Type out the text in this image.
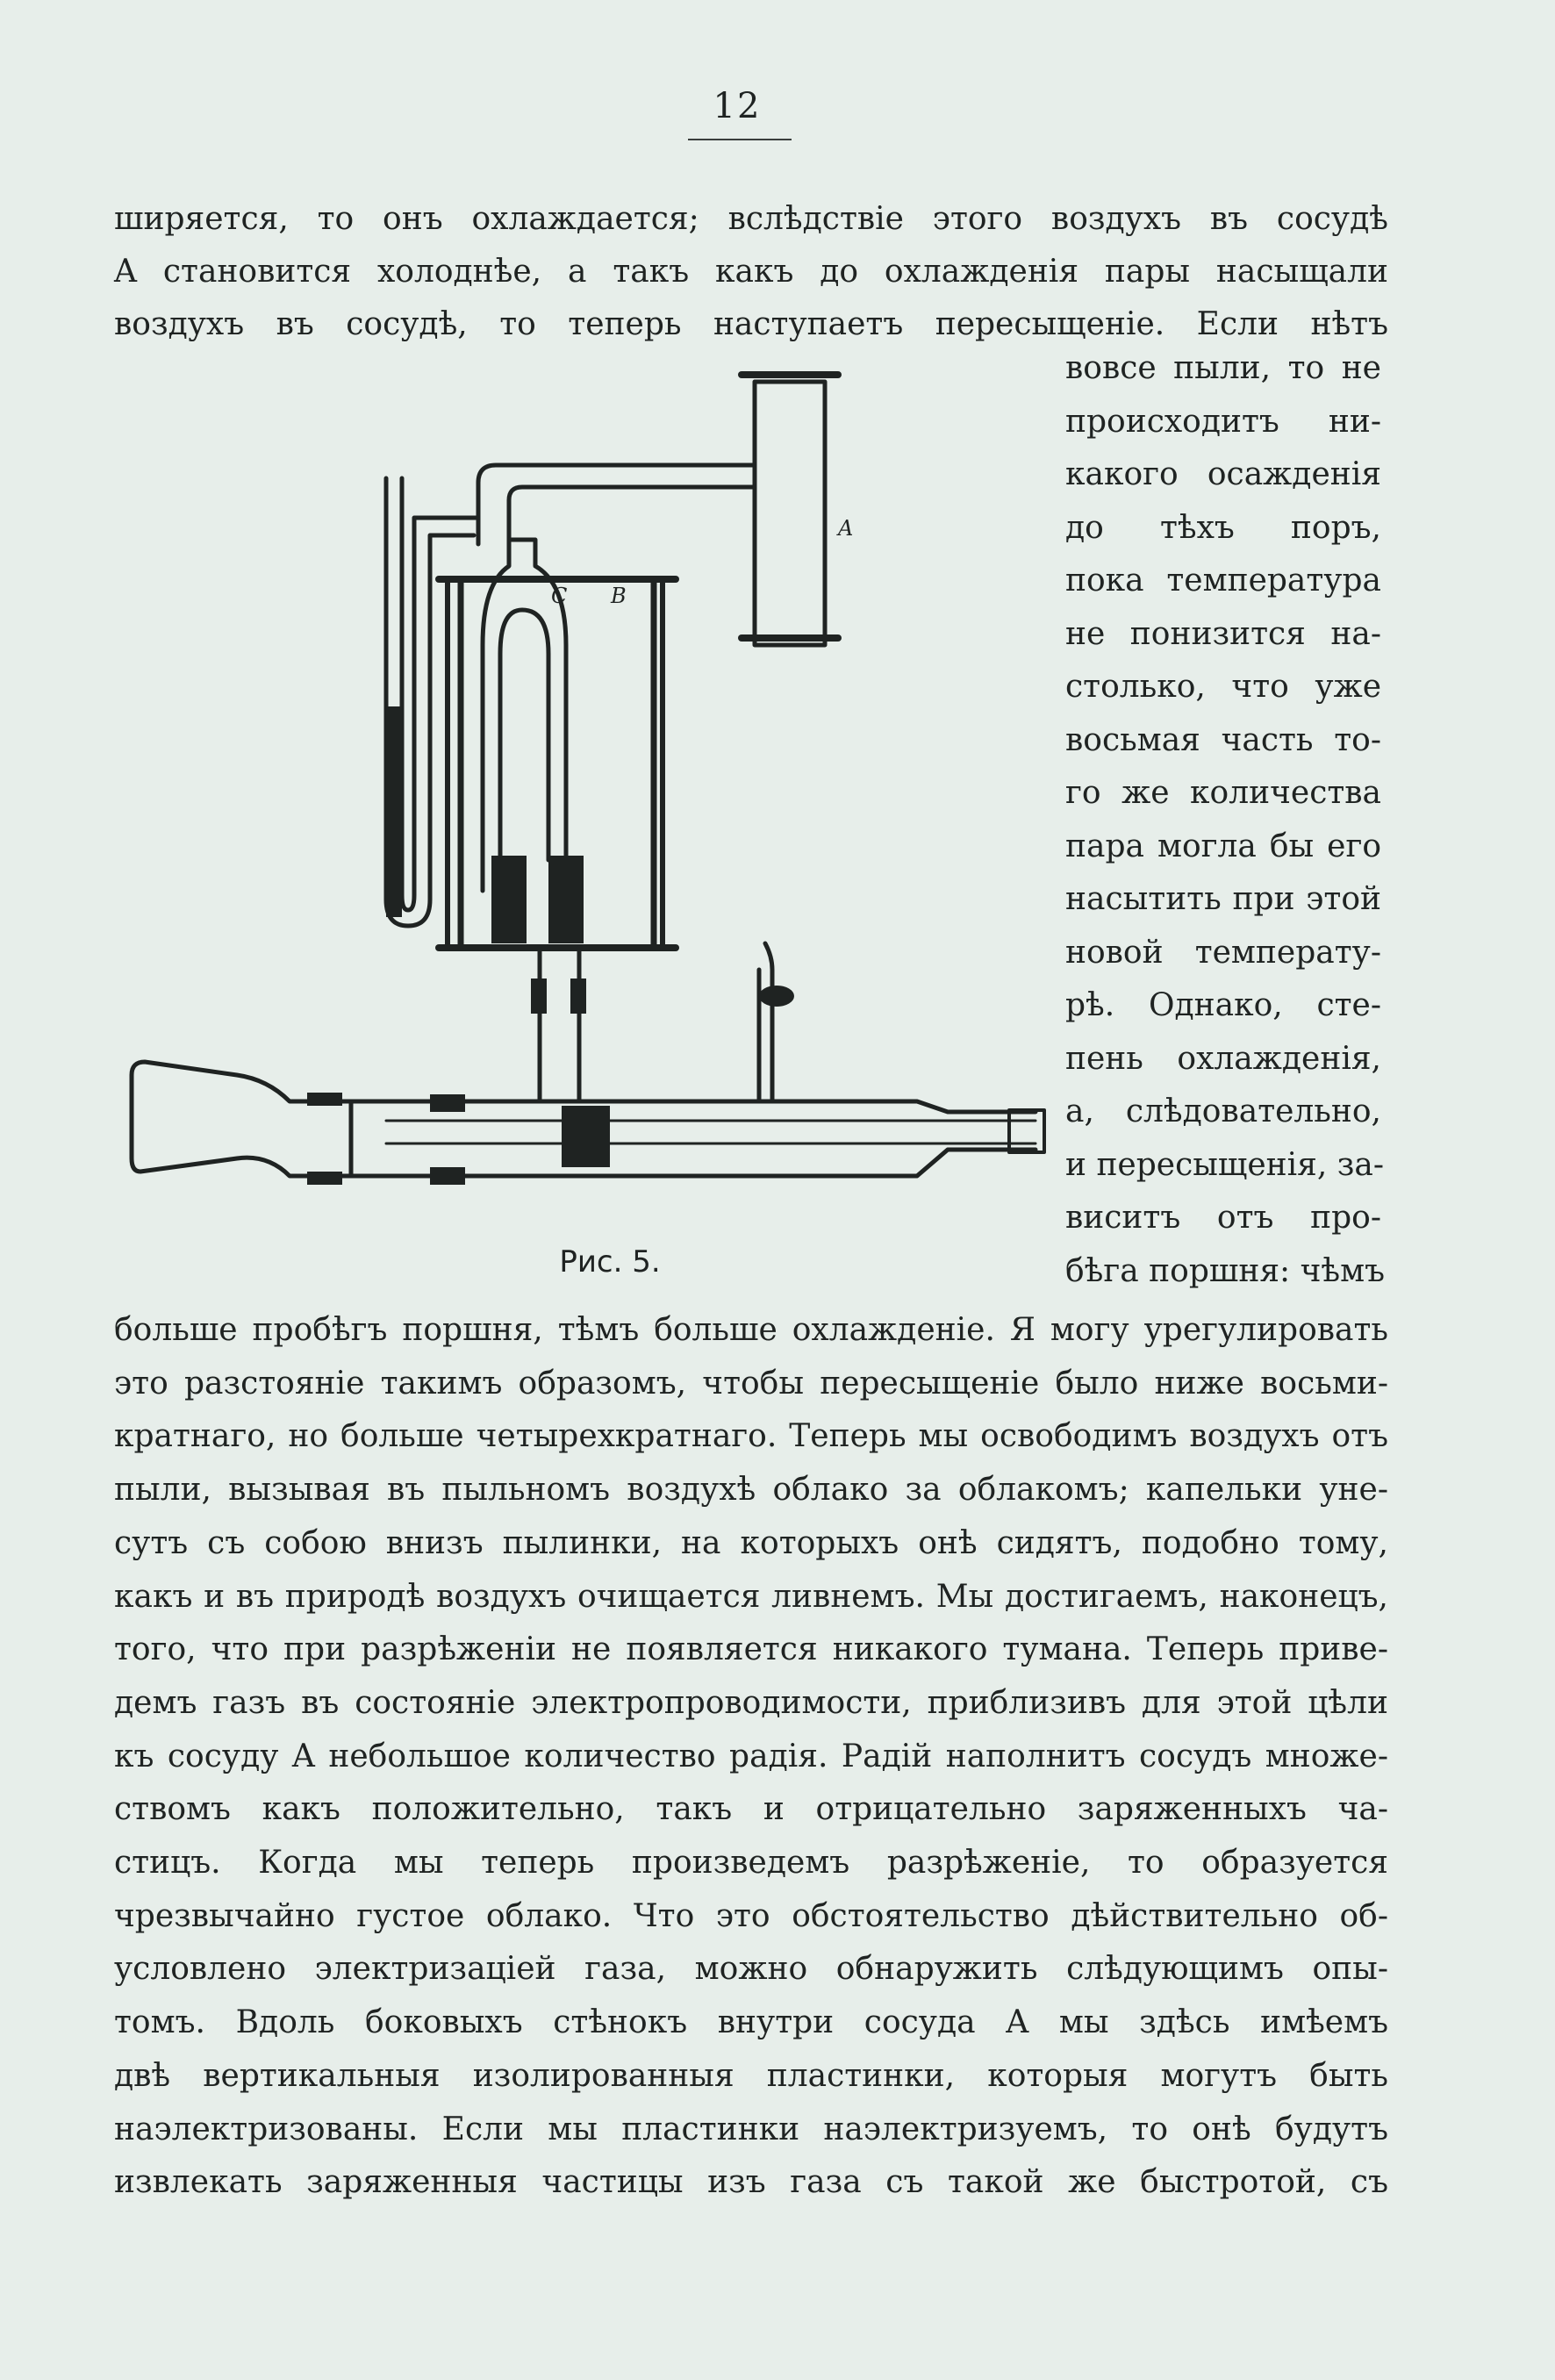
12
ширяется, то онъ охлаждается; вслѣдствіе этого воздухъ въ сосудѣ
A становится холоднѣе, а такъ какъ до охлажденія пары насыщали
воздухъ въ сосудѣ, то теперь наступаетъ пересыщеніе. Если нѣтъ
A
B
C
Рис. 5.
вовсе пыли, то не
происходитъ ни-
какого осажденія
до тѣхъ поръ,
пока температура
не понизится на-
столько, что уже
восьмая часть то-
го же количества
пара могла бы его
насытить при этой
новой температу-
рѣ. Однако, сте-
пень охлажденія,
а, слѣдовательно,
и пересыщенія, за-
виситъ отъ про-
бѣга поршня: чѣмъ
больше пробѣгъ поршня, тѣмъ больше охлажденіе. Я могу урегулировать
это разстояніе такимъ образомъ, чтобы пересыщеніе было ниже восьми-
кратнаго, но больше четырехкратнаго. Теперь мы освободимъ воздухъ отъ
пыли, вызывая въ пыльномъ воздухѣ облако за облакомъ; капельки уне-
сутъ съ собою внизъ пылинки, на которыхъ онѣ сидятъ, подобно тому,
какъ и въ природѣ воздухъ очищается ливнемъ. Мы достигаемъ, наконецъ,
того, что при разрѣженіи не появляется никакого тумана. Теперь приве-
демъ газъ въ состояніе электропроводимости, приблизивъ для этой цѣли
къ сосуду A небольшое количество радія. Радій наполнитъ сосудъ множе-
ствомъ какъ положительно, такъ и отрицательно заряженныхъ ча-
стицъ. Когда мы теперь произведемъ разрѣженіе, то образуется
чрезвычайно густое облако. Что это обстоятельство дѣйствительно об-
условлено электризаціей газа, можно обнаружить слѣдующимъ опы-
томъ. Вдоль боковыхъ стѣнокъ внутри сосуда A мы здѣсь имѣемъ
двѣ вертикальныя изолированныя пластинки, которыя могутъ быть
наэлектризованы. Если мы пластинки наэлектризуемъ, то онѣ будутъ
извлекать заряженныя частицы изъ газа съ такой же быстротой, съ
